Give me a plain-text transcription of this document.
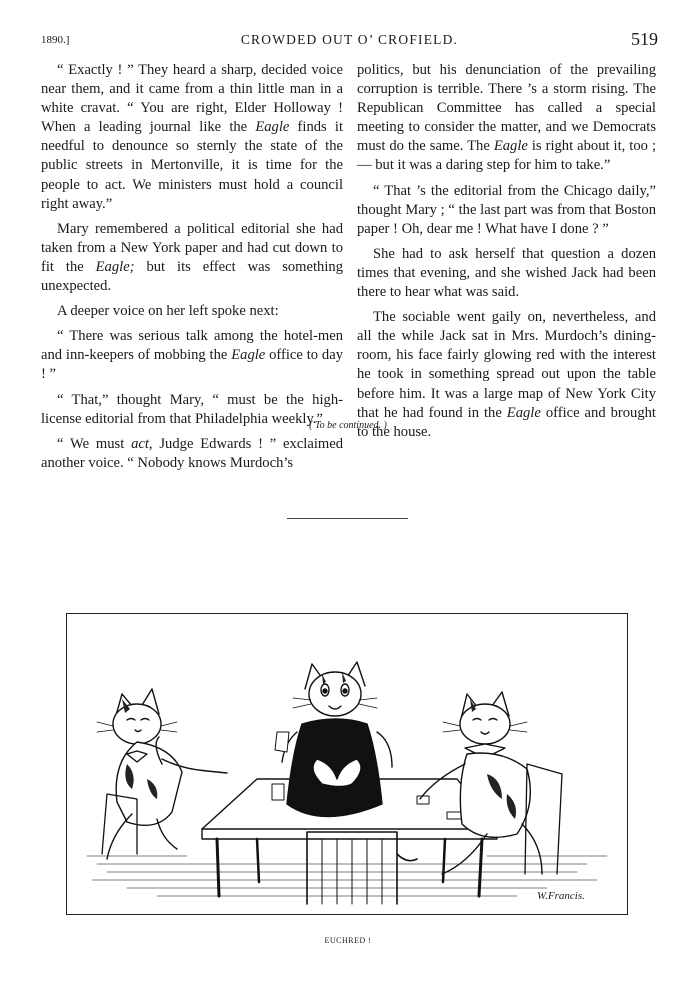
1890.]	CROWDED OUT O’ CROFIELD.	519

“ Exactly ! ” They heard a sharp, decided voice near them, and it came from a thin little man in a white cravat. “ You are right, Elder Holloway ! When a leading journal like the Eagle finds it needful to denounce so sternly the state of the public streets in Mertonville, it is time for the people to act. We ministers must hold a council right away.”

Mary remembered a political editorial she had taken from a New York paper and had cut down to fit the Eagle; but its effect was something unexpected.

A deeper voice on her left spoke next:

“ There was serious talk among the hotel-men and inn-keepers of mobbing the Eagle office to day ! ”

“ That,” thought Mary, “ must be the high-license editorial from that Philadelphia weekly.”

“ We must act, Judge Edwards ! ” exclaimed another voice. “ Nobody knows Murdoch’s

politics, but his denunciation of the prevailing corruption is terrible. There ’s a storm rising. The Republican Committee has called a special meeting to consider the matter, and we Democrats must do the same. The Eagle is right about it, too ; — but it was a daring step for him to take.”

“ That ’s the editorial from the Chicago daily,” thought Mary ; “ the last part was from that Boston paper ! Oh, dear me ! What have I done ? ”

She had to ask herself that question a dozen times that evening, and she wished Jack had been there to hear what was said.

The sociable went gaily on, nevertheless, and all the while Jack sat in Mrs. Murdoch’s dining-room, his face fairly glowing red with the interest he took in something spread out upon the table before him. It was a large map of New York City that he had found in the Eagle office and brought to the house.

( To be continued. )
W.Francis.
EUCHRED !
